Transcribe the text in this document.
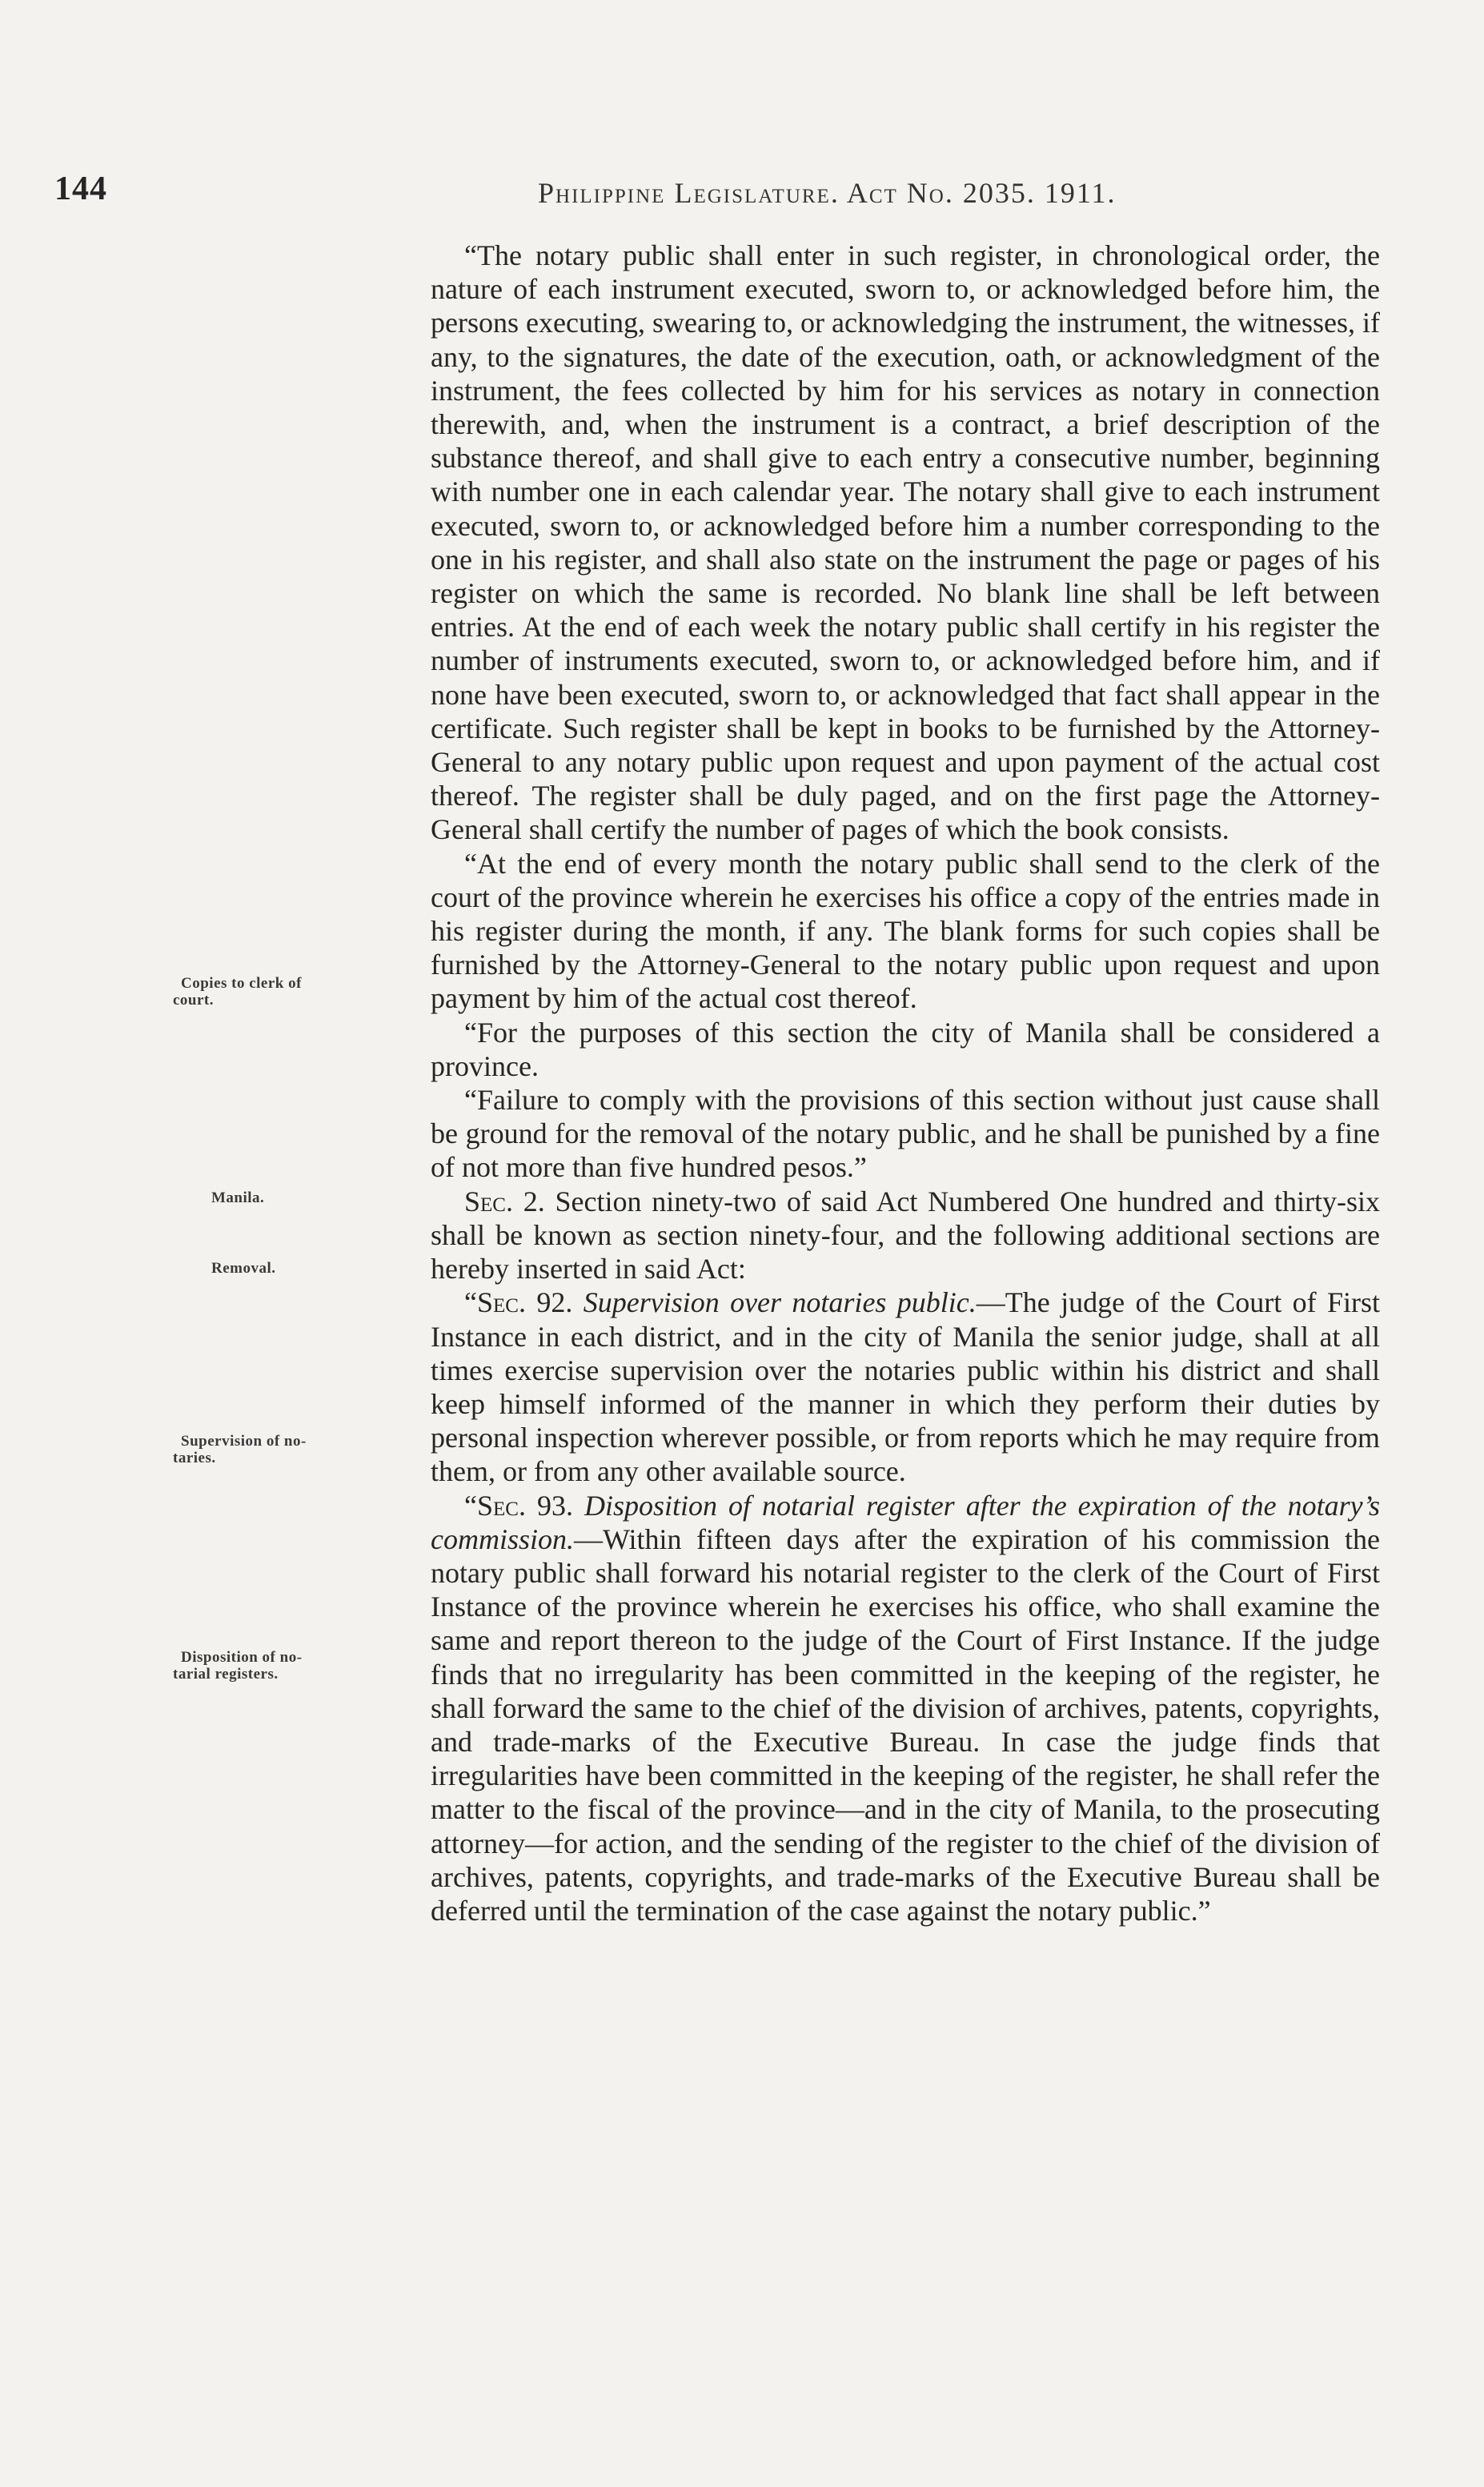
144	Philippine Legislature. Act No. 2035. 1911.
Copies to clerk of
court.
Manila.
Removal.
Supervision of no-
taries.
Disposition of no-
tarial registers.

“The notary public shall enter in such register, in chronological order, the nature of each instrument executed, sworn to, or acknowledged before him, the persons executing, swearing to, or acknowledging the instrument, the witnesses, if any, to the signatures, the date of the execution, oath, or acknowledgment of the instrument, the fees collected by him for his services as notary in connection therewith, and, when the instrument is a contract, a brief description of the substance thereof, and shall give to each entry a consecutive number, beginning with number one in each calendar year. The notary shall give to each instrument executed, sworn to, or acknowledged before him a number corresponding to the one in his register, and shall also state on the instrument the page or pages of his register on which the same is recorded. No blank line shall be left between entries. At the end of each week the notary public shall certify in his register the number of instruments executed, sworn to, or acknowledged before him, and if none have been executed, sworn to, or acknowledged that fact shall appear in the certificate. Such register shall be kept in books to be furnished by the Attorney-General to any notary public upon request and upon payment of the actual cost thereof. The register shall be duly paged, and on the first page the Attorney-General shall certify the number of pages of which the book consists.

“At the end of every month the notary public shall send to the clerk of the court of the province wherein he exercises his office a copy of the entries made in his register during the month, if any. The blank forms for such copies shall be furnished by the Attorney-General to the notary public upon request and upon payment by him of the actual cost thereof.

“For the purposes of this section the city of Manila shall be considered a province.

“Failure to comply with the provisions of this section without just cause shall be ground for the removal of the notary public, and he shall be punished by a fine of not more than five hundred pesos.”

Sec. 2. Section ninety-two of said Act Numbered One hundred and thirty-six shall be known as section ninety-four, and the following additional sections are hereby inserted in said Act:

“Sec. 92. Supervision over notaries public.—The judge of the Court of First Instance in each district, and in the city of Manila the senior judge, shall at all times exercise supervision over the notaries public within his district and shall keep himself informed of the manner in which they perform their duties by personal inspection wherever possible, or from reports which he may require from them, or from any other available source.

“Sec. 93. Disposition of notarial register after the expiration of the notary’s commission.—Within fifteen days after the expiration of his commission the notary public shall forward his notarial register to the clerk of the Court of First Instance of the province wherein he exercises his office, who shall examine the same and report thereon to the judge of the Court of First Instance. If the judge finds that no irregularity has been committed in the keeping of the register, he shall forward the same to the chief of the division of archives, patents, copyrights, and trade-marks of the Executive Bureau. In case the judge finds that irregularities have been committed in the keeping of the register, he shall refer the matter to the fiscal of the province—and in the city of Manila, to the prosecuting attorney—for action, and the sending of the register to the chief of the division of archives, patents, copyrights, and trade-marks of the Executive Bureau shall be deferred until the termination of the case against the notary public.”
